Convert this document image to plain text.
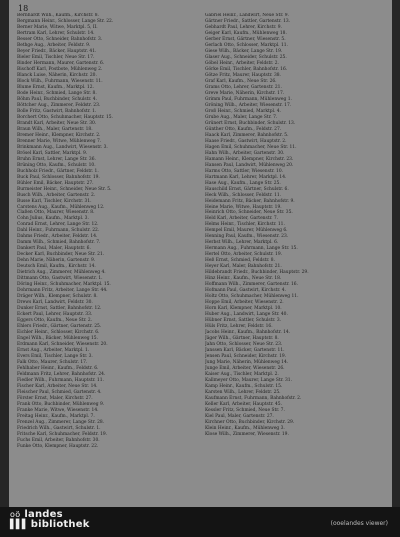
18
Bernhardt Wilh., Kaufm., Kirchstr. 8.
Bergmann Heinr., Schlosser, Lange Str. 22.
Berner Marie, Witwe, Marktpl. 5, II.
Bertram Karl, Lehrer, Schulstr. 14.
Besser Otto, Schneider, Bahnhofstr. 3.
Bethge Aug., Arbeiter, Feldstr. 9.
Beyer Friedr., Bäcker, Hauptstr. 41.
Bieler Emil, Tischler, Neue Str. 17.
Binder Hermann, Maurer, Gartenstr. 6.
Bischoff Karl, Postbote, Mühlenweg 2.
Blanck Luise, Näherin, Kirchstr. 20.
Block Wilh., Fuhrmann, Wiesenstr. 11.
Blume Ernst, Kaufm., Marktpl. 12.
Bode Heinr., Schmied, Lange Str. 8.
Böhm Paul, Buchbinder, Schulstr. 4.
Böttcher Aug., Zimmerer, Feldstr. 23.
Bolle Fritz, Gastwirt, Bahnhofstr. 1.
Borchert Otto, Schuhmacher, Hauptstr. 15.
Brandt Karl, Arbeiter, Neue Str. 30.
Braun Wilh., Maler, Gartenstr. 18.
Bremer Heinr., Klempner, Kirchstr. 2.
Brenner Marie, Witwe, Mühlenweg 7.
Brinkmann Aug., Landwirt, Wiesenstr. 3.
Brösel Karl, Sattler, Marktpl. 9.
Bruhn Ernst, Lehrer, Lange Str. 36.
Brüning Otto, Kaufm., Schulstr. 10.
Buchholz Friedr., Gärtner, Feldstr. 1.
Buck Paul, Schlosser, Bahnhofstr. 19.
Bühler Emil, Bäcker, Hauptstr. 27.
Burmeister Heinr., Schneider, Neue Str. 5.
Busch Wilh., Arbeiter, Gartenstr. 2.
Busse Karl, Tischler, Kirchstr. 31.
Carstens Aug., Kaufm., Mühlenweg 12.
Claßen Otto, Maurer, Wiesenstr. 8.
Cohn Julius, Kaufm., Marktpl. 3.
Conrad Ernst, Lehrer, Lange Str. 12.
Dahl Heinr., Fuhrmann, Schulstr. 22.
Dahms Friedr., Arbeiter, Feldstr. 14.
Damm Wilh., Schmied, Bahnhofstr. 7.
Dankert Paul, Maler, Hauptstr. 6.
Decker Karl, Buchbinder, Neue Str. 21.
Dehn Marie, Näherin, Gartenstr. 9.
Deutsch Emil, Kaufm., Kirchstr. 14.
Dietrich Aug., Zimmerer, Mühlenweg 4.
Dittmann Otto, Gastwirt, Wiesenstr. 1.
Döring Heinr., Schuhmacher, Marktpl. 15.
Dohrmann Fritz, Arbeiter, Lange Str. 44.
Dräger Wilh., Klempner, Schulstr. 8.
Drews Karl, Landwirt, Feldstr. 30.
Dunker Ernst, Sattler, Bahnhofstr. 12.
Eckert Paul, Lehrer, Hauptstr. 33.
Eggers Otto, Kaufm., Neue Str. 2.
Ehlers Friedr., Gärtner, Gartenstr. 25.
Eichler Heinr., Schlosser, Kirchstr. 6.
Engel Wilh., Bäcker, Mühlenweg 15.
Erdmann Karl, Schneider, Wiesenstr. 20.
Ernst Aug., Arbeiter, Marktpl. 1.
Evers Emil, Tischler, Lange Str. 3.
Falk Otto, Maurer, Schulstr. 17.
Fehlhaber Heinr., Kaufm., Feldstr. 6.
Feldmann Fritz, Lehrer, Bahnhofstr. 24.
Fiedler Wilh., Fuhrmann, Hauptstr. 11.
Fischer Karl, Arbeiter, Neue Str. 14.
Fleischer Paul, Schmied, Gartenstr. 4.
Förster Ernst, Maler, Kirchstr. 27.
Frank Otto, Buchbinder, Mühlenweg 9.
Franke Marie, Witwe, Wiesenstr. 14.
Freitag Heinr., Kaufm., Marktpl. 7.
Frenzel Aug., Zimmerer, Lange Str. 28.
Friedrich Wilh., Gastwirt, Schulstr. 1.
Fritsche Karl, Schuhmacher, Feldstr. 19.
Fuchs Emil, Arbeiter, Bahnhofstr. 30.
Funke Otto, Klempner, Hauptstr. 22.
Gabriel Heinr., Landwirt, Neue Str. 9.
Gärtner Friedr., Sattler, Gartenstr. 13.
Gebhardt Paul, Lehrer, Kirchstr. 9.
Geiger Karl, Kaufm., Mühlenweg 18.
Gerber Ernst, Gärtner, Wiesenstr. 5.
Gerlach Otto, Schlosser, Marktpl. 11.
Giese Wilh., Bäcker, Lange Str. 19.
Glaser Aug., Schneider, Schulstr. 25.
Göbel Heinr., Arbeiter, Feldstr. 2.
Görke Emil, Tischler, Bahnhofstr. 16.
Götze Fritz, Maurer, Hauptstr. 38.
Graf Karl, Kaufm., Neue Str. 26.
Grams Otto, Lehrer, Gartenstr. 21.
Greve Marie, Näherin, Kirchstr. 17.
Grimm Paul, Fuhrmann, Mühlenweg 1.
Gröning Wilh., Arbeiter, Wiesenstr. 17.
Groß Heinr., Schmied, Marktpl. 4.
Grube Aug., Maler, Lange Str. 7.
Grünert Ernst, Buchbinder, Schulstr. 13.
Günther Otto, Kaufm., Feldstr. 27.
Haack Karl, Zimmerer, Bahnhofstr. 5.
Haase Friedr., Gastwirt, Hauptstr. 2.
Hagen Emil, Schuhmacher, Neue Str. 11.
Hahn Wilh., Arbeiter, Gartenstr. 30.
Hamann Heinr., Klempner, Kirchstr. 23.
Hansen Paul, Landwirt, Mühlenweg 20.
Harms Otto, Sattler, Wiesenstr. 10.
Hartmann Karl, Lehrer, Marktpl. 14.
Hase Aug., Kaufm., Lange Str. 25.
Hauschild Ernst, Gärtner, Schulstr. 6.
Heck Wilh., Schlosser, Feldstr. 11.
Heidemann Fritz, Bäcker, Bahnhofstr. 9.
Heine Marie, Witwe, Hauptstr. 19.
Heinrich Otto, Schneider, Neue Str. 35.
Held Karl, Arbeiter, Gartenstr. 7.
Helms Heinr., Tischler, Kirchstr. 11.
Hempel Emil, Maurer, Mühlenweg 6.
Henning Paul, Kaufm., Wiesenstr. 23.
Herbst Wilh., Lehrer, Marktpl. 6.
Hermann Aug., Fuhrmann, Lange Str. 15.
Hertel Otto, Arbeiter, Schulstr. 19.
Heß Ernst, Schmied, Feldstr. 8.
Heyer Karl, Maler, Bahnhofstr. 21.
Hildebrandt Friedr., Buchbinder, Hauptstr. 29.
Hinz Heinr., Kaufm., Neue Str. 18.
Hoffmann Wilh., Zimmerer, Gartenstr. 16.
Hofmann Paul, Gastwirt, Kirchstr. 4.
Holtz Otto, Schuhmacher, Mühlenweg 11.
Hoppe Emil, Arbeiter, Wiesenstr. 2.
Horn Karl, Klempner, Marktpl. 10.
Huber Aug., Landwirt, Lange Str. 40.
Hübner Ernst, Sattler, Schulstr. 3.
Hüls Fritz, Lehrer, Feldstr. 16.
Jacobs Heinr., Kaufm., Bahnhofstr. 14.
Jäger Wilh., Gärtner, Hauptstr. 8.
Jahn Otto, Schlosser, Neue Str. 23.
Janssen Karl, Bäcker, Gartenstr. 11.
Jensen Paul, Schneider, Kirchstr. 19.
Jung Marie, Näherin, Mühlenweg 14.
Junge Emil, Arbeiter, Wiesenstr. 26.
Kaiser Aug., Tischler, Marktpl. 2.
Kallmeyer Otto, Maurer, Lange Str. 31.
Kamp Heinr., Kaufm., Schulstr. 15.
Karsten Wilh., Lehrer, Feldstr. 25.
Kaufmann Ernst, Fuhrmann, Bahnhofstr. 2.
Keller Karl, Arbeiter, Hauptstr. 45.
Kessler Fritz, Schmied, Neue Str. 7.
Kiel Paul, Maler, Gartenstr. 27.
Kirchner Otto, Buchbinder, Kirchstr. 29.
Klein Heinr., Kaufm., Mühlenweg 3.
Klose Wilh., Zimmerer, Wiesenstr. 19.
oö landes
▌▌▌ bibliothek	(ooelandes viewer)
